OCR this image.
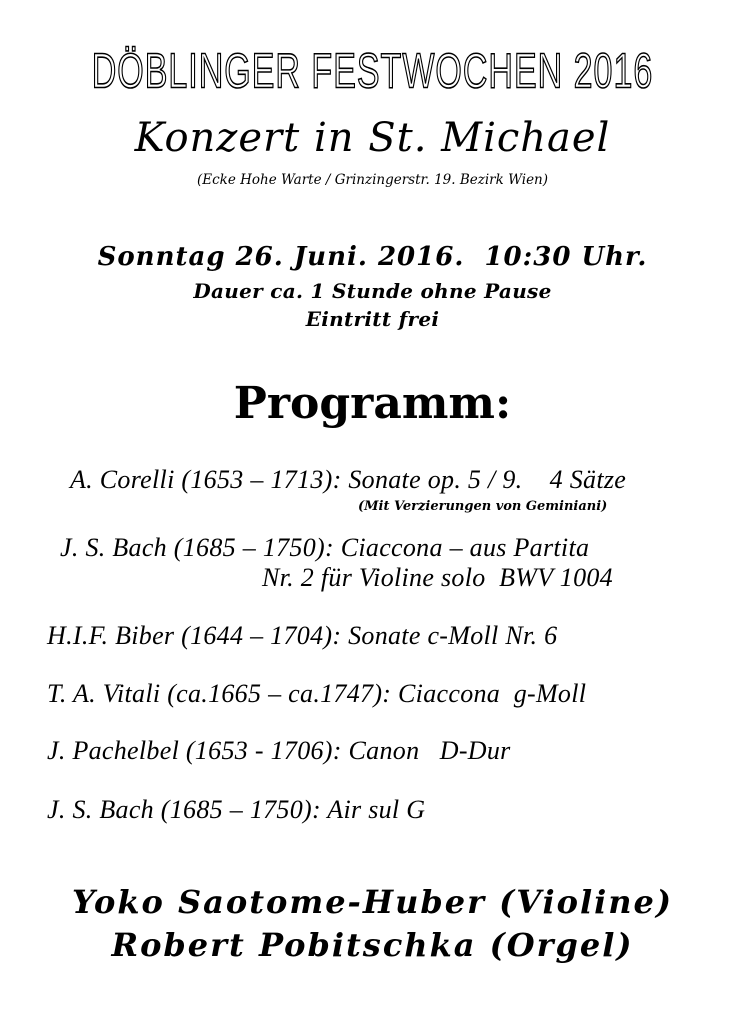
DÖBLINGER FESTWOCHEN 2016
Konzert in St. Michael
(Ecke Hohe Warte / Grinzingerstr. 19. Bezirk Wien)
Sonntag 26. Juni. 2016.  10:30 Uhr.
Dauer ca. 1 Stunde ohne Pause
Eintritt frei
Programm:
A. Corelli (1653 – 1713): Sonate op. 5 / 9.    4 Sätze
(Mit Verzierungen von Geminiani)
J. S. Bach (1685 – 1750): Ciaccona – aus Partita
Nr. 2 für Violine solo  BWV 1004
H.I.F. Biber (1644 – 1704): Sonate c-Moll Nr. 6
T. A. Vitali (ca.1665 – ca.1747): Ciaccona  g-Moll
J. Pachelbel (1653 - 1706): Canon   D-Dur
J. S. Bach (1685 – 1750): Air sul G
Yoko Saotome-Huber (Violine)
Robert Pobitschka (Orgel)
